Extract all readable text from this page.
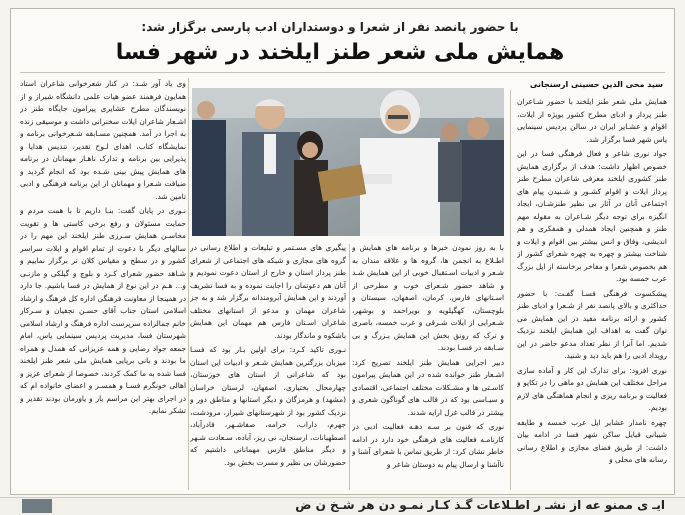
با حضور پانصد نفر از شعرا و دوستداران ادب پارسی برگزار شد:
همایش ملی شعر طنز ایلخند در شهر فسا
سید محی الدین حسینی ارسنجانی

همایش ملی شعر طنز ایلخند با حضور شـاعران طنز پرداز و ادبای مطرح کشور بویژه از ایلات، اقوام و عشـایر ایران در سالن پردیس سینمایی یاس شهر فسا برگزار شد.

جواد نوری شاعر و فعال فرهنگی فسا در این خصوص اظهار داشت: هدف از برگزاری همایش طنز کشوری ایلخند معرفی شاعران مطرح طنز پرداز ایلات و اقوام کشـور و شـنیدن پیام های اجتماعی آنان در آثار بی نظیر طنزشـان، ایجاد انگیزه برای توجه دیگر شـاعران به مقوله مهم طنز و همچنین ایجاد همدلی و همفکری و هم اندیشی، وفاق و انس بیشتر بین اقوام و ایلات و شناخت بیشتر و چهره به چهره شعرای کشور از هم بخصوص شعرا و مفاخر برخاسته از ایل بزرگ عرب خمسه بود.

پیشکسوت فرهنگی فسـا گفـت: با حضور حداکثری و بالای پانصد نفر از شـعرا و ادبای طنز کشور و ارائه برنامه مفید در این همایش می توان گفت به اهداف این همایش ایلخند نزدیک شدیم. اما آنرا از نظر تعداد مدعو حاضر در این رویداد ادبی را هم باید دید و شنید.

نوری افزود: برای تدارک این کار و آماده سازی مراحل مختلف این همایش دو ماهی را در تکاپو و فعالیت و برنامه ریزی و انجام هماهنگی های لازم بودیم.

چهره نامدار عشایر ایل عرب خمسه و طایفه شیبانی قبایل ساکن شهر فسا در ادامه بیان داشت: از طریق فضای مجازی و اطلاع رسانی رسانه های محلی و

با به روز نمودن خبرها و برنامه های همایش و اطـلاع به انجمن ها، گروه ها و علاقه مندان به شـعر و ادبیات اسـتقبال خوبی از این همایش شـد و شاهد حضور شـعرای خوب و مطرحی از اسـتانهای فارس، کرمان، اصفهان، سیستان و بلوچستان، کهگیلویه و بویراحمد و بوشهر، شـعرایی از ایلات شـرقی و عرب خمسه، باصری و ترک که رونق بخش این همایش بـزرگ و بی سـابقه در فسـا بودند.

دبیر اجرایی همایش طنز ایلخند تصریح کرد: اشـعار طنز خوانده شده در این همایش پیرامون کاسـتی ها و مشـکلات مختلف اجتماعی، اقتصادی و سیـاسی بود که در قالب های گوناگون شعری و بیشتر در قالب غزل ارایه شدند.

نوری که فنون بر سـه دهـه فعالیت ادبی در کارنامـه فعالیت های فرهنگی خود دارد در ادامه خاطر نشان کرد: از طریق تماس با شعرای آشنا و ناآشنا و ارسال پیام به دوستان شاعر و

پیگیری های مسـتمر و تبلیغات و اطلاع رسانی در گروه های مجازی و شبکه های اجتماعی از شعرای طنز پرداز استان و خارج از استان دعوت نمودیم و آنان هم دعوتمان را اجابت نموده و به فسا تشریف آوردند و این همایش آبرومندانه برگزار شد و به جز شاعران مهمان و مدعو از استانهای مختلف شاعران اسـتان فارس هم مهمان این همایش باشکوه و ماندگار بودند.

نـوری تاکید کـرد: برای اولین بـار بود که فسـا میزبان بزرگترین همایش شـعر و ادبیات این استان بود که شاعرانی از استان های خوزستان، چهارمحال بختیاری، اصفهان، لرستان خراسان (مشهد) و هرمزگان و دیگر استانها و مناطق دور و نزدیک کشور بود از شهرستانهای شیراز، مرودشت، جهرم، داراب، خرامه، صفاشـهر، قادرآباد، اصطهبانات، ارسنجان، نی ریز، آباده، سـعادت شـهر و دیگر مناطق فارس مهمانانی داشتیم که حضورشان بی نظیر و مسرت بخش بود.

وی یاد آور شـد: در کنار شعرخوانی شاعران استاد همایون فرهمند عضو هیات علمی دانشگاه شیراز و از نویسندگان مطرح عشایری پیرامون جایگاه طنز در اشـعار شاعران ایلات سخنرانی داشت و موسیقی زنده به اجرا در آمد. همچنین مسـابقه شـعرخوانی برنامه و نمایشگاه کتاب، اهدای لـوح تقدیر، تندیس هدایا و پذیرایی بین برنامه و تدارک ناهـار مهمانان در برنامه های همایش پیش بینی شـده بود که انجام گردید و ضیافت شـعرا و مهمانان از این برنامه فرهنگی و ادبی تامین شد.

نـوری در پایان گفت: بنـا داریم تا با همت مردم و حمایت مسئولان و رفع برخی کاستی ها و تقویت محاسـن همایش سـرزی طنز ایلخند این مهم را در سالهای دیگر با دعوت از تمام اقوام و ایلات سراسر کشور و در سطح و مقیاس کلان تر برگزار نماییم و شـاهد حضور شعرای کـرد و بلوچ و گیلکی و مازنـی و... هـم در این نوع از همایش در فسا باشیم. جا دارد در همینجا از معاونت فرهنگی اداره کل فرهنگ و ارشاد اسلامی استان جناب آقای حسـن نجفیان و سـرکار خانم جمالزاده سرپرست اداره فرهنگ و ارشاد اسلامی شهرستان فسا، مدیریت پردیس سینمایی یاس، امام جمعه جواد رضایی و همه عزیزانی که همدل و همراه ما بودند و بانی برپایی همایش ملی شعر طنز ایلخند فسا شده به ما کمک کردند، خصوصا از شعرای عزیز و اهالی خونگرم فسـا و همسـر و اعضای خانواده ام که در اجرای بهتر این مراسم یار و یاورمان بودند تقدیر و تشکر نمایم.

ایـ ی ممنو عه از نشـ ر اطـلاعات گـذ کـار نمـو دن هر شـخ ن ض
